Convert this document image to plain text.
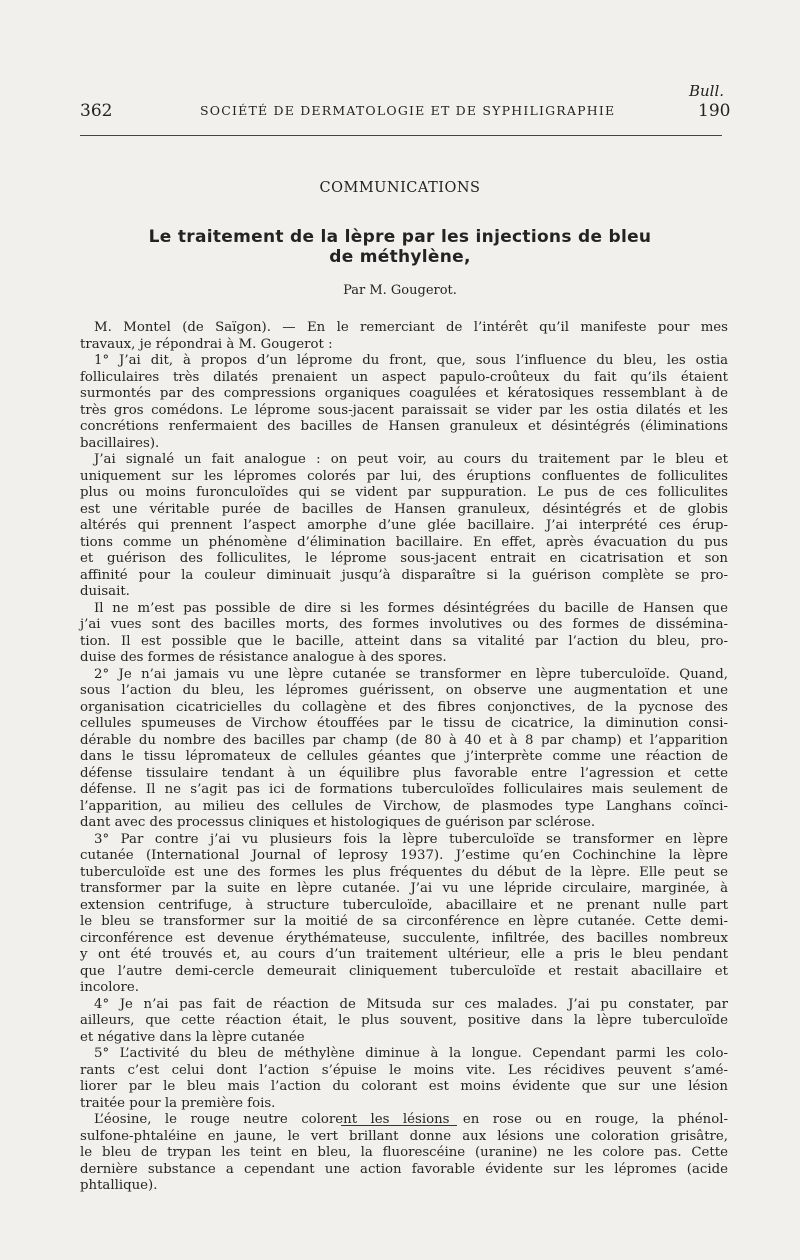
Bull.
190
362	SOCIÉTÉ DE DERMATOLOGIE ET DE SYPHILIGRAPHIE
COMMUNICATIONS
Le traitement de la lèpre par les injections de bleu
de méthylène,
Par M. Gougerot.
M. Montel (de Saïgon). — En le remerciant de l’intérêt qu’il manifeste pour mes
travaux, je répondrai à M. Gougerot :
1° J’ai dit, à propos d’un léprome du front, que, sous l’influence du bleu, les ostia
folliculaires très dilatés prenaient un aspect papulo-croûteux du fait qu’ils étaient
surmontés par des compressions organiques coagulées et kératosiques ressemblant à de
très gros comédons. Le léprome sous-jacent paraissait se vider par les ostia dilatés et les
concrétions renfermaient des bacilles de Hansen granuleux et désintégrés (éliminations
bacillaires).
J’ai signalé un fait analogue : on peut voir, au cours du traitement par le bleu et
uniquement sur les lépromes colorés par lui, des éruptions confluentes de folliculites
plus ou moins furonculoïdes qui se vident par suppuration. Le pus de ces folliculites
est une véritable purée de bacilles de Hansen granuleux, désintégrés et de globis
altérés qui prennent l’aspect amorphe d’une glée bacillaire. J’ai interprété ces érup-
tions comme un phénomène d’élimination bacillaire. En effet, après évacuation du pus
et guérison des folliculites, le léprome sous-jacent entrait en cicatrisation et son
affinité pour la couleur diminuait jusqu’à disparaître si la guérison complète se pro-
duisait.
Il ne m’est pas possible de dire si les formes désintégrées du bacille de Hansen que
j’ai vues sont des bacilles morts, des formes involutives ou des formes de dissémina-
tion. Il est possible que le bacille, atteint dans sa vitalité par l’action du bleu, pro-
duise des formes de résistance analogue à des spores.
2° Je n’ai jamais vu une lèpre cutanée se transformer en lèpre tuberculoïde. Quand,
sous l’action du bleu, les lépromes guérissent, on observe une augmentation et une
organisation cicatricielles du collagène et des fibres conjonctives, de la pycnose des
cellules spumeuses de Virchow étouffées par le tissu de cicatrice, la diminution consi-
dérable du nombre des bacilles par champ (de 80 à 40 et à 8 par champ) et l’apparition
dans le tissu lépromateux de cellules géantes que j’interprète comme une réaction de
défense tissulaire tendant à un équilibre plus favorable entre l’agression et cette
défense. Il ne s’agit pas ici de formations tuberculoïdes folliculaires mais seulement de
l’apparition, au milieu des cellules de Virchow, de plasmodes type Langhans coïnci-
dant avec des processus cliniques et histologiques de guérison par sclérose.
3° Par contre j’ai vu plusieurs fois la lèpre tuberculoïde se transformer en lèpre
cutanée (International Journal of leprosy 1937). J’estime qu’en Cochinchine la lèpre
tuberculoïde est une des formes les plus fréquentes du début de la lèpre. Elle peut se
transformer par la suite en lèpre cutanée. J’ai vu une lépride circulaire, marginée, à
extension centrifuge, à structure tuberculoïde, abacillaire et ne prenant nulle part
le bleu se transformer sur la moitié de sa circonférence en lèpre cutanée. Cette demi-
circonférence est devenue érythémateuse, succulente, infiltrée, des bacilles nombreux
y ont été trouvés et, au cours d’un traitement ultérieur, elle a pris le bleu pendant
que l’autre demi-cercle demeurait cliniquement tuberculoïde et restait abacillaire et
incolore.
4° Je n’ai pas fait de réaction de Mitsuda sur ces malades. J’ai pu constater, par
ailleurs, que cette réaction était, le plus souvent, positive dans la lèpre tuberculoïde
et négative dans la lèpre cutanée
5° L’activité du bleu de méthylène diminue à la longue. Cependant parmi les colo-
rants c’est celui dont l’action s’épuise le moins vite. Les récidives peuvent s’amé-
liorer par le bleu mais l’action du colorant est moins évidente que sur une lésion
traitée pour la première fois.
L’éosine, le rouge neutre colorent les lésions en rose ou en rouge, la phénol-
sulfone-phtaléine en jaune, le vert brillant donne aux lésions une coloration grisâtre,
le bleu de trypan les teint en bleu, la fluorescéine (uranine) ne les colore pas. Cette
dernière substance a cependant une action favorable évidente sur les lépromes (acide
phtallique).
